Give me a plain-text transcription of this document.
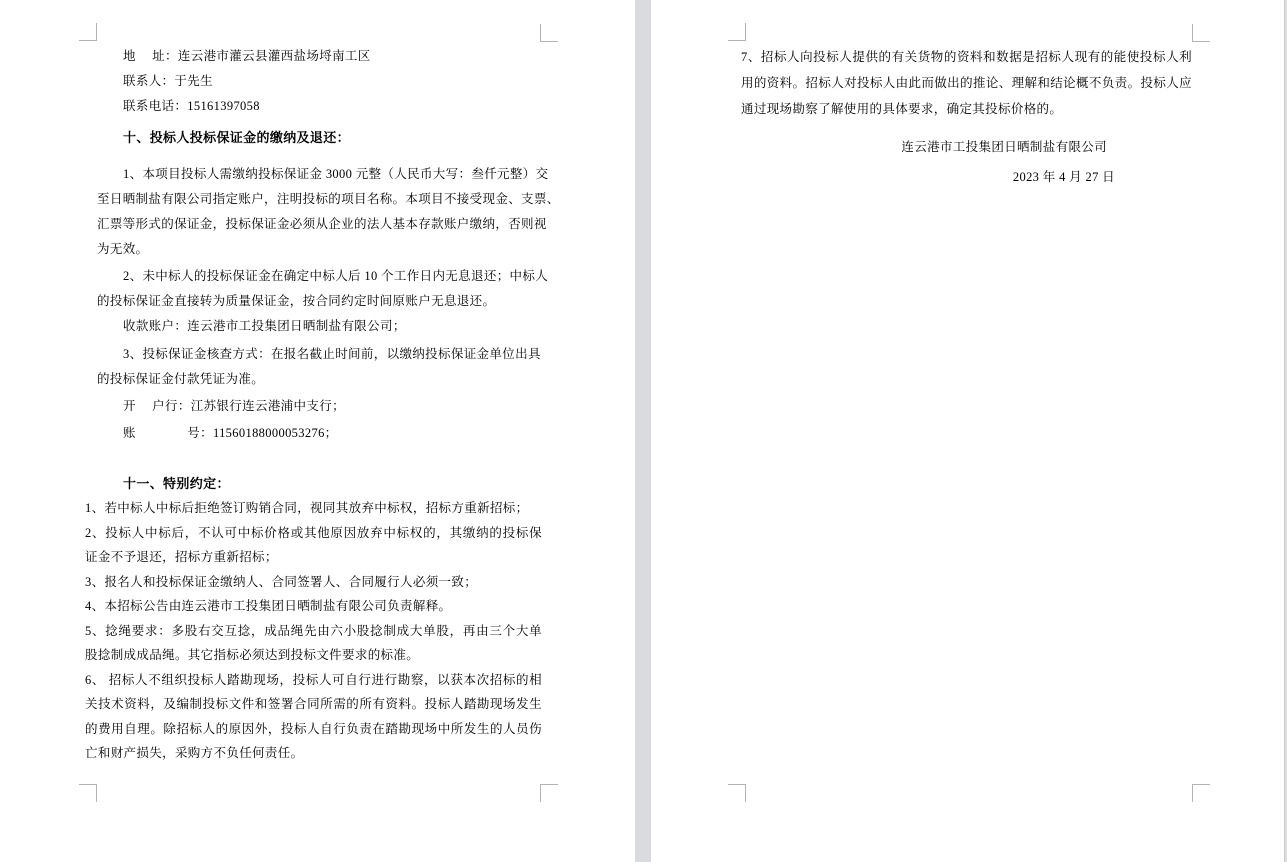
地　 址：连云港市灌云县灌西盐场埒南工区
联系人：于先生
联系电话：15161397058
十、投标人投标保证金的缴纳及退还：
1、本项目投标人需缴纳投标保证金 3000 元整（人民币大写：叁仟元整）交
至日晒制盐有限公司指定账户，注明投标的项目名称。本项目不接受现金、支票、
汇票等形式的保证金，投标保证金必须从企业的法人基本存款账户缴纳，否则视
为无效。
2、未中标人的投标保证金在确定中标人后 10 个工作日内无息退还；中标人
的投标保证金直接转为质量保证金，按合同约定时间原账户无息退还。
收款账户：连云港市工投集团日晒制盐有限公司；
3、投标保证金核查方式：在报名截止时间前，以缴纳投标保证金单位出具
的投标保证金付款凭证为准。
开　 户行：江苏银行连云港浦中支行；
账　　　　号：11560188000053276；
十一、特别约定：
1、若中标人中标后拒绝签订购销合同，视同其放弃中标权，招标方重新招标；
2、投标人中标后，不认可中标价格或其他原因放弃中标权的，其缴纳的投标保
证金不予退还，招标方重新招标；
3、报名人和投标保证金缴纳人、合同签署人、合同履行人必须一致；
4、本招标公告由连云港市工投集团日晒制盐有限公司负责解释。
5、捻绳要求：多股右交互捻，成品绳先由六小股捻制成大单股，再由三个大单
股捻制成成品绳。其它指标必须达到投标文件要求的标准。
6、 招标人不组织投标人踏勘现场，投标人可自行进行勘察，以获本次招标的相
关技术资料，及编制投标文件和签署合同所需的所有资料。投标人踏勘现场发生
的费用自理。除招标人的原因外，投标人自行负责在踏勘现场中所发生的人员伤
亡和财产损失，采购方不负任何责任。
7、招标人向投标人提供的有关货物的资料和数据是招标人现有的能使投标人利
用的资料。招标人对投标人由此而做出的推论、理解和结论概不负责。投标人应
通过现场勘察了解使用的具体要求，确定其投标价格的。
连云港市工投集团日晒制盐有限公司
2023 年 4 月 27 日
